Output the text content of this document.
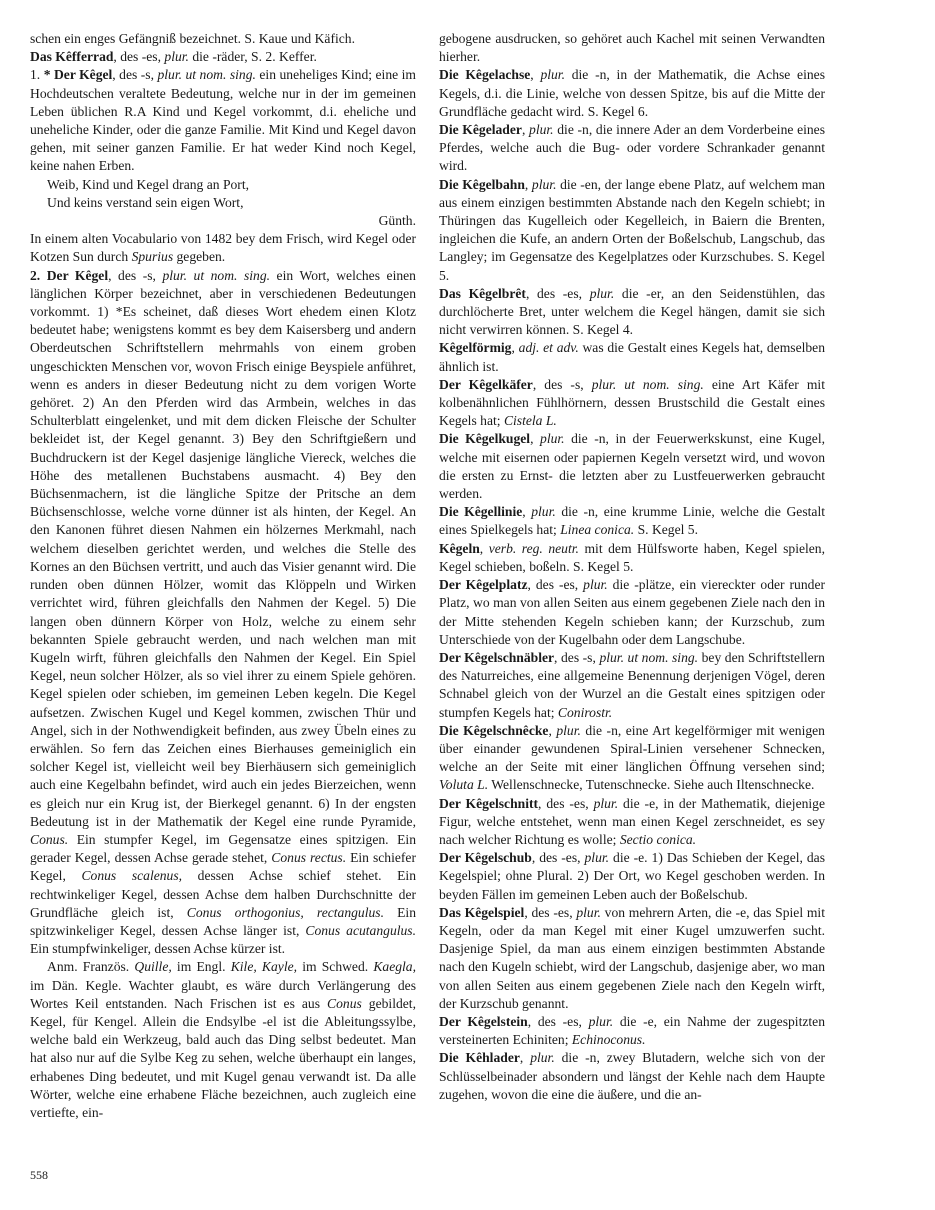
schen ein enges Gefängniß bezeichnet. S. Kaue und Käfich.

Das Kêfferrad, des -es, plur. die -räder, S. 2. Keffer.

1. * Der Kêgel, des -s, plur. ut nom. sing. ein uneheliges Kind; eine im Hochdeutschen veraltete Bedeutung, welche nur in der im gemeinen Leben üblichen R.A Kind und Kegel vorkommt, d.i. eheliche und uneheliche Kinder, oder die ganze Familie. Mit Kind und Kegel davon gehen, mit seiner ganzen Familie. Er hat weder Kind noch Kegel, keine nahen Erben.

Weib, Kind und Kegel drang an Port,

Und keins verstand sein eigen Wort,

Günth.

In einem alten Vocabulario von 1482 bey dem Frisch, wird Kegel oder Kotzen Sun durch Spurius gegeben.

2. Der Kêgel, des -s, plur. ut nom. sing. ein Wort, welches einen länglichen Körper bezeichnet, aber in verschiedenen Bedeutungen vorkommt. 1) *Es scheinet, daß dieses Wort ehedem einen Klotz bedeutet habe; wenigstens kommt es bey dem Kaisersberg und andern Oberdeutschen Schriftstellern mehrmahls von einem groben ungeschickten Menschen vor, wovon Frisch einige Beyspiele anführet, wenn es anders in dieser Bedeutung nicht zu dem vorigen Worte gehöret. 2) An den Pferden wird das Armbein, welches in das Schulterblatt eingelenket, und mit dem dicken Fleische der Schulter bekleidet ist, der Kegel genannt. 3) Bey den Schriftgießern und Buchdruckern ist der Kegel dasjenige längliche Viereck, welches die Höhe des metallenen Buchstabens ausmacht. 4) Bey den Büchsenmachern, ist die längliche Spitze der Pritsche an dem Büchsenschlosse, welche vorne dünner ist als hinten, der Kegel. An den Kanonen führet diesen Nahmen ein hölzernes Merkmahl, nach welchem dieselben gerichtet werden, und welches die Stelle des Kornes an den Büchsen vertritt, und auch das Visier genannt wird. Die runden oben dünnen Hölzer, womit das Klöppeln und Wirken verrichtet wird, führen gleichfalls den Nahmen der Kegel. 5) Die langen oben dünnern Körper von Holz, welche zu einem sehr bekannten Spiele gebraucht werden, und nach welchen man mit Kugeln wirft, führen gleichfalls den Nahmen der Kegel. Ein Spiel Kegel, neun solcher Hölzer, als so viel ihrer zu einem Spiele gehören. Kegel spielen oder schieben, im gemeinen Leben kegeln. Die Kegel aufsetzen. Zwischen Kugel und Kegel kommen, zwischen Thür und Angel, sich in der Nothwendigkeit befinden, aus zwey Übeln eines zu erwählen. So fern das Zeichen eines Bierhauses gemeiniglich ein solcher Kegel ist, vielleicht weil bey Bierhäusern sich gemeiniglich auch eine Kegelbahn befindet, wird auch ein jedes Bierzeichen, wenn es gleich nur ein Krug ist, der Bierkegel genannt. 6) In der engsten Bedeutung ist in der Mathematik der Kegel eine runde Pyramide, Conus. Ein stumpfer Kegel, im Gegensatze eines spitzigen. Ein gerader Kegel, dessen Achse gerade stehet, Conus rectus. Ein schiefer Kegel, Conus scalenus, dessen Achse schief stehet. Ein rechtwinkeliger Kegel, dessen Achse dem halben Durchschnitte der Grundfläche gleich ist, Conus orthogonius, rectangulus. Ein spitzwinkeliger Kegel, dessen Achse länger ist, Conus acutangulus. Ein stumpfwinkeliger, dessen Achse kürzer ist.

Anm. Französ. Quille, im Engl. Kile, Kayle, im Schwed. Kaegla, im Dän. Kegle. Wachter glaubt, es wäre durch Verlängerung des Wortes Keil entstanden. Nach Frischen ist es aus Conus gebildet, Kegel, für Kengel. Allein die Endsylbe -el ist die Ableitungssylbe, welche bald ein Werkzeug, bald auch das Ding selbst bedeutet. Man hat also nur auf die Sylbe Keg zu sehen, welche überhaupt ein langes, erhabenes Ding bedeutet, und mit Kugel genau verwandt ist. Da alle Wörter, welche eine erhabene Fläche bezeichnen, auch zugleich eine vertiefte, ein-

gebogene ausdrucken, so gehöret auch Kachel mit seinen Verwandten hierher.

Die Kêgelachse, plur. die -n, in der Mathematik, die Achse eines Kegels, d.i. die Linie, welche von dessen Spitze, bis auf die Mitte der Grundfläche gedacht wird. S. Kegel 6.

Die Kêgelader, plur. die -n, die innere Ader an dem Vorderbeine eines Pferdes, welche auch die Bug- oder vordere Schrankader genannt wird.

Die Kêgelbahn, plur. die -en, der lange ebene Platz, auf welchem man aus einem einzigen bestimmten Abstande nach den Kegeln schiebt; in Thüringen das Kugelleich oder Kegelleich, in Baiern die Brenten, ingleichen die Kufe, an andern Orten der Boßelschub, Langschub, das Langley; im Gegensatze des Kegelplatzes oder Kurzschubes. S. Kegel 5.

Das Kêgelbrêt, des -es, plur. die -er, an den Seidenstühlen, das durchlöcherte Bret, unter welchem die Kegel hängen, damit sie sich nicht verwirren können. S. Kegel 4.

Kêgelförmig, adj. et adv. was die Gestalt eines Kegels hat, demselben ähnlich ist.

Der Kêgelkäfer, des -s, plur. ut nom. sing. eine Art Käfer mit kolbenähnlichen Fühlhörnern, dessen Brustschild die Gestalt eines Kegels hat; Cistela L.

Die Kêgelkugel, plur. die -n, in der Feuerwerkskunst, eine Kugel, welche mit eisernen oder papiernen Kegeln versetzt wird, und wovon die ersten zu Ernst- die letzten aber zu Lustfeuerwerken gebraucht werden.

Die Kêgellinie, plur. die -n, eine krumme Linie, welche die Gestalt eines Spielkegels hat; Linea conica. S. Kegel 5.

Kêgeln, verb. reg. neutr. mit dem Hülfsworte haben, Kegel spielen, Kegel schieben, boßeln. S. Kegel 5.

Der Kêgelplatz, des -es, plur. die -plätze, ein viereckter oder runder Platz, wo man von allen Seiten aus einem gegebenen Ziele nach den in der Mitte stehenden Kegeln schieben kann; der Kurzschub, zum Unterschiede von der Kugelbahn oder dem Langschube.

Der Kêgelschnäbler, des -s, plur. ut nom. sing. bey den Schriftstellern des Naturreiches, eine allgemeine Benennung derjenigen Vögel, deren Schnabel gleich von der Wurzel an die Gestalt eines spitzigen oder stumpfen Kegels hat; Conirostr.

Die Kêgelschnêcke, plur. die -n, eine Art kegelförmiger mit wenigen über einander gewundenen Spiral-Linien versehener Schnecken, welche an der Seite mit einer länglichen Öffnung versehen sind; Voluta L. Wellenschnecke, Tutenschnecke. Siehe auch Iltenschnecke.

Der Kêgelschnitt, des -es, plur. die -e, in der Mathematik, diejenige Figur, welche entstehet, wenn man einen Kegel zerschneidet, es sey nach welcher Richtung es wolle; Sectio conica.

Der Kêgelschub, des -es, plur. die -e. 1) Das Schieben der Kegel, das Kegelspiel; ohne Plural. 2) Der Ort, wo Kegel geschoben werden. In beyden Fällen im gemeinen Leben auch der Boßelschub.

Das Kêgelspiel, des -es, plur. von mehrern Arten, die -e, das Spiel mit Kegeln, oder da man Kegel mit einer Kugel umzuwerfen sucht. Dasjenige Spiel, da man aus einem einzigen bestimmten Abstande nach den Kugeln schiebt, wird der Langschub, dasjenige aber, wo man von allen Seiten aus einem gegebenen Ziele nach den Kegeln wirft, der Kurzschub genannt.

Der Kêgelstein, des -es, plur. die -e, ein Nahme der zugespitzten versteinerten Echiniten; Echinoconus.

Die Kêhlader, plur. die -n, zwey Blutadern, welche sich von der Schlüsselbeinader absondern und längst der Kehle nach dem Haupte zugehen, wovon die eine die äußere, und die an-

558
